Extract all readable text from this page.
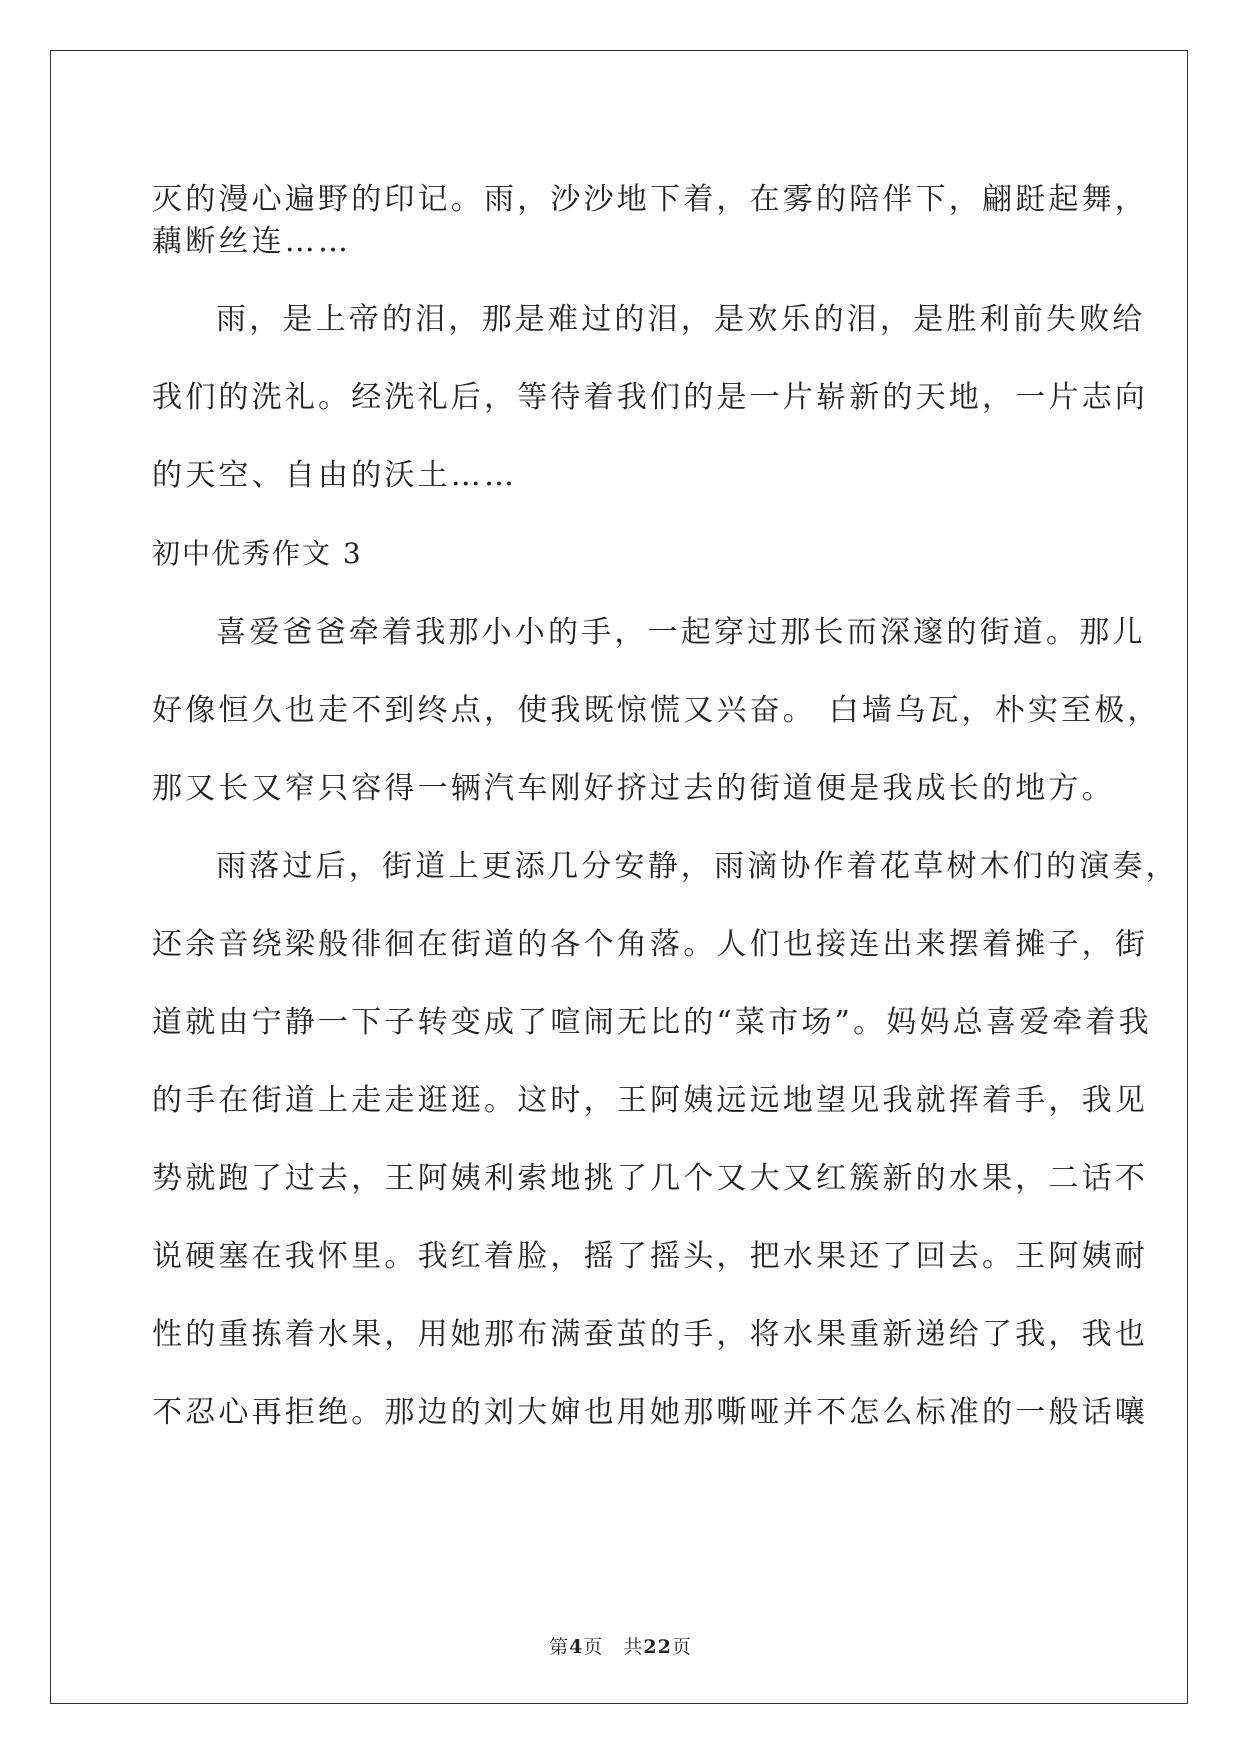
灭的漫心遍野的印记。雨，沙沙地下着，在雾的陪伴下，翩跹起舞，
藕断丝连……
雨，是上帝的泪，那是难过的泪，是欢乐的泪，是胜利前失败给
我们的洗礼。经洗礼后，等待着我们的是一片崭新的天地，一片志向
的天空、自由的沃土……
初中优秀作文 3
喜爱爸爸牵着我那小小的手，一起穿过那长而深邃的街道。那儿
好像恒久也走不到终点，使我既惊慌又兴奋。 白墙乌瓦，朴实至极，
那又长又窄只容得一辆汽车刚好挤过去的街道便是我成长的地方。
雨落过后，街道上更添几分安静，雨滴协作着花草树木们的演奏，
还余音绕梁般徘徊在街道的各个角落。人们也接连出来摆着摊子，街
道就由宁静一下子转变成了喧闹无比的“菜市场”。妈妈总喜爱牵着我
的手在街道上走走逛逛。这时，王阿姨远远地望见我就挥着手，我见
势就跑了过去，王阿姨利索地挑了几个又大又红簇新的水果，二话不
说硬塞在我怀里。我红着脸，摇了摇头，把水果还了回去。王阿姨耐
性的重拣着水果，用她那布满蚕茧的手，将水果重新递给了我，我也
不忍心再拒绝。那边的刘大婶也用她那嘶哑并不怎么标准的一般话嚷
第4页　共22页
